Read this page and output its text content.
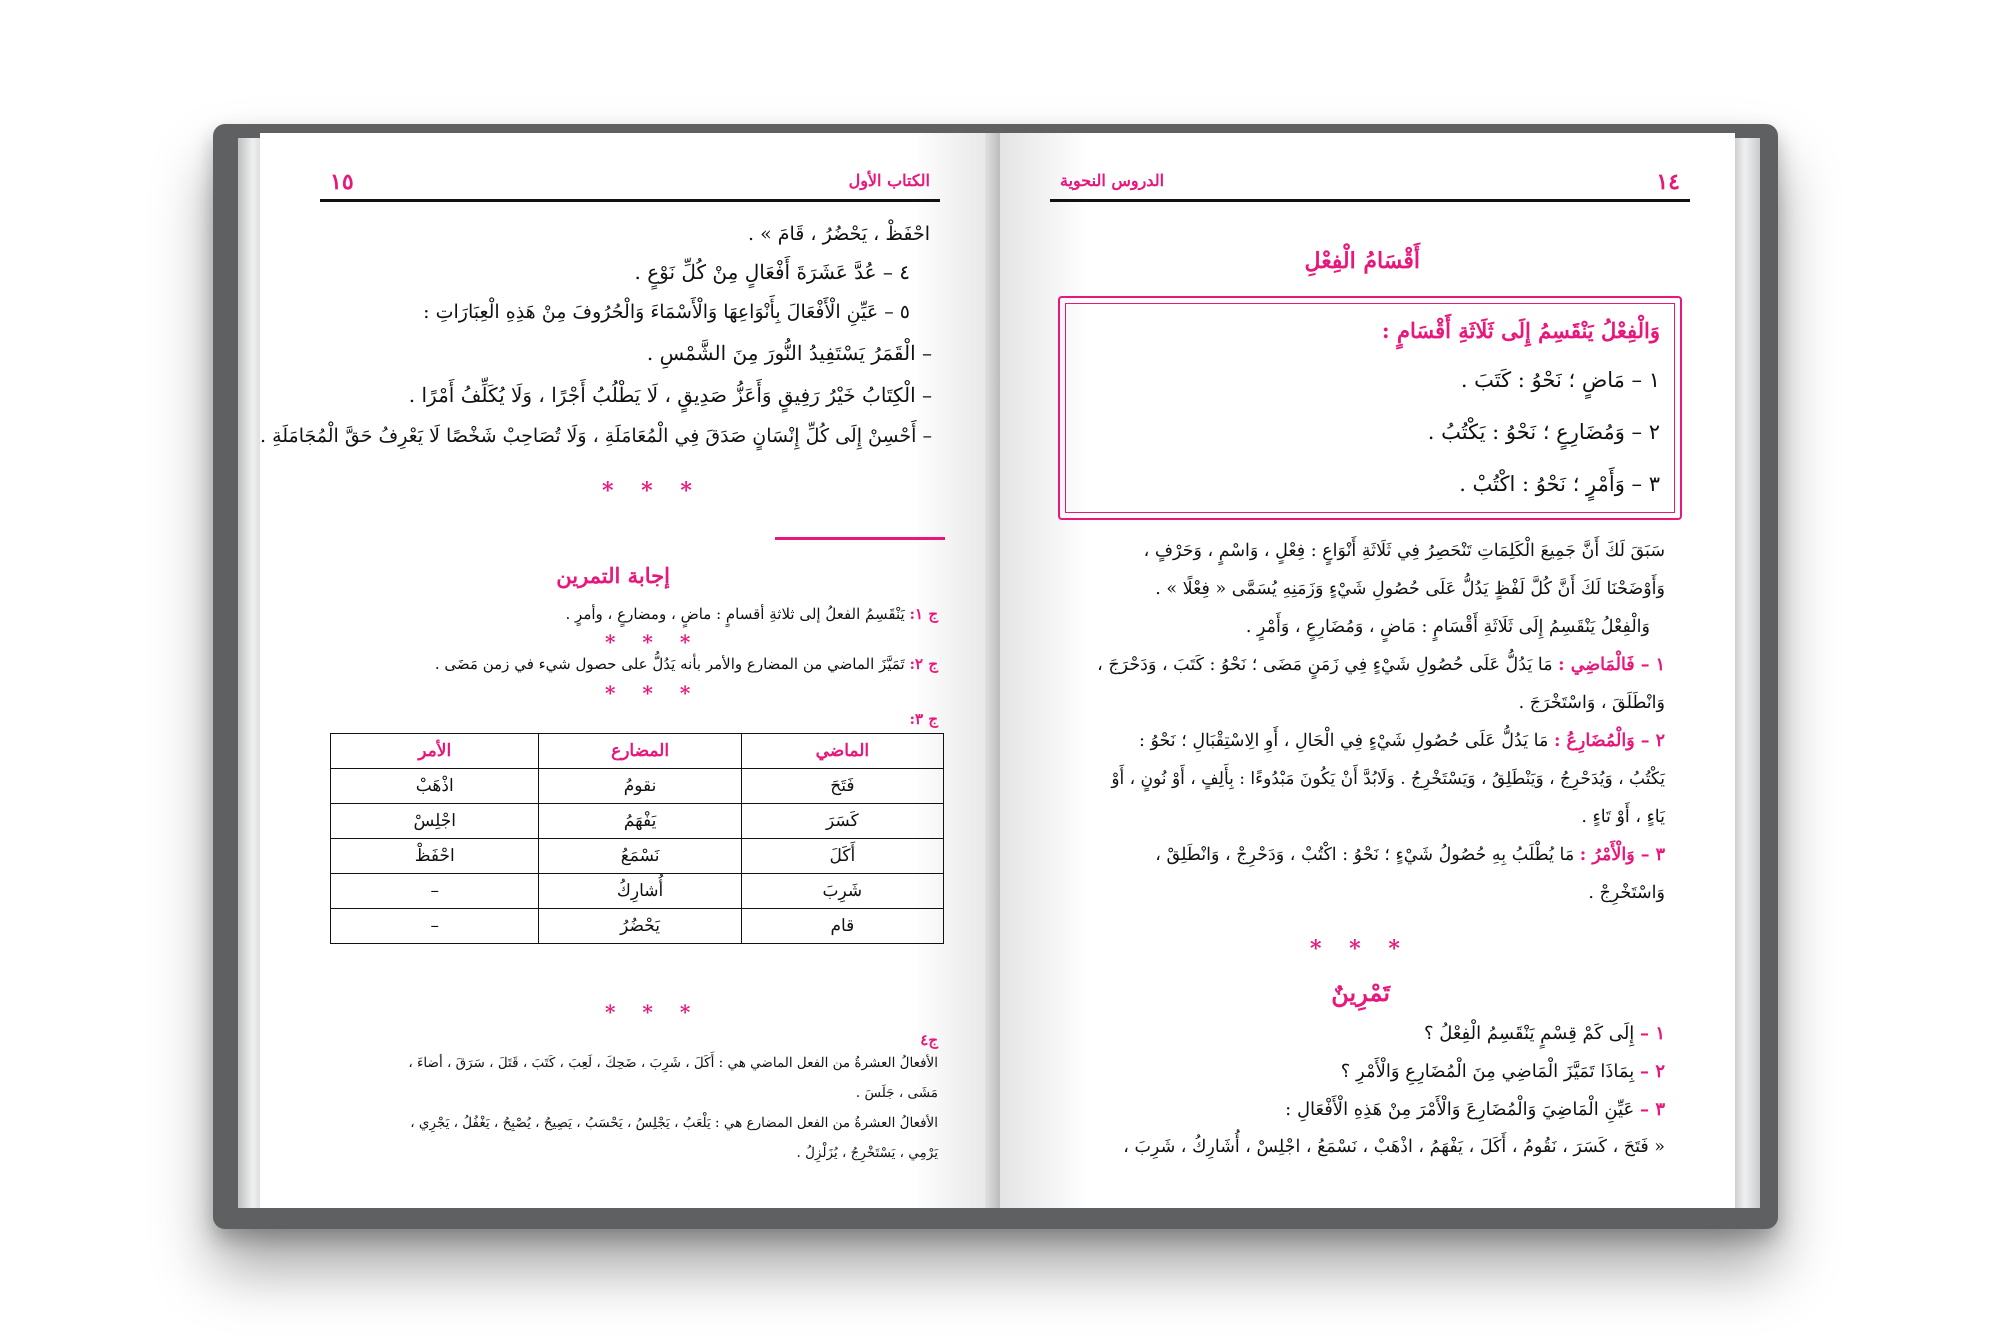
١٥	الكتاب الأول
احْفَظْ ، يَحْضُرُ ، قَامَ » .
٤ – عُدَّ عَشَرَةَ أَفْعَالٍ مِنْ كُلِّ نَوْعٍ .
٥ – عَيِّنِ الْأَفْعَالَ بِأَنْوَاعِهَا وَالْأَسْمَاءَ وَالْحُرُوفَ مِنْ هَذِهِ الْعِبَارَاتِ :
– الْقَمَرُ يَسْتَفِيدُ النُّورَ مِنَ الشَّمْسِ .
– الْكِتَابُ خَيْرُ رَفِيقٍ وَأَعَزُّ صَدِيقٍ ، لَا يَطْلُبُ أَجْرًا ، وَلَا يُكَلِّفُ أَمْرًا .
– أَحْسِنْ إِلَى كُلِّ إِنْسَانٍ صَدَقَ فِي الْمُعَامَلَةِ ، وَلَا تُصَاحِبْ شَخْصًا لَا يَعْرِفُ حَقَّ الْمُجَامَلَةِ .
* * *
إجابة التمرين
ج ١: يَنْقَسِمُ الفعلُ إلى ثلاثةِ أقسامٍ : ماضٍ ، ومضارعٍ ، وأمرٍ .
* * *
ج ٢: تَمَيَّزَ الماضي من المضارع والأمر بأنه يَدُلُّ على حصول شيء في زمن مَضَى .
* * *
ج ٣:
الماضي	المضارع	الأمر
فَتَحَ	نقومُ	اذْهَبْ
كَسَرَ	يَفْهَمُ	اجْلِسْ
أَكَلَ	نَسْمَعُ	احْفَظْ
شَرِبَ	أُشارِكُ	–
قام	يَحْضُرُ	–
* * *
ج٤
الأفعالُ العشرةُ من الفعل الماضي هي : أَكَلَ ، شَرِبَ ، ضَحِكَ ، لَعِبَ ، كَتَبَ ، قَتَلَ ، سَرَقَ ، أضاءَ ،
مَشَى ، جَلَسَ .
الأفعالُ العشرةُ من الفعل المضارع هي : يَلْعَبُ ، يَجْلِسُ ، يَحْسَبُ ، يَصِيحُ ، يُصْبِحُ ، يَغْفُلُ ، يَجْرِي ،
يَرْمِي ، يَسْتَخْرِجُ ، يُزَلْزِلُ .
١٤
الدروس النحوية
أَقْسَامُ الْفِعْلِ
وَالْفِعْلُ يَنْقَسِمُ إِلَى ثَلَاثَةِ أَقْسَامٍ :
١ – مَاضٍ ؛ نَحْوُ : كَتَبَ .
٢ – وَمُضَارِعٍ ؛ نَحْوُ : يَكْتُبُ .
٣ – وَأَمْرٍ ؛ نَحْوُ : اكْتُبْ .
سَبَقَ لَكَ أَنَّ جَمِيعَ الْكَلِمَاتِ تَنْحَصِرُ فِي ثَلَاثَةِ أَنْوَاعٍ : فِعْلٍ ، وَاسْمٍ ، وَحَرْفٍ ،
وَأَوْضَحْنَا لَكَ أَنَّ كُلَّ لَفْظٍ يَدُلُّ عَلَى حُصُولِ شَيْءٍ وَزَمَنِهِ يُسَمَّى « فِعْلًا » .
وَالْفِعْلُ يَنْقَسِمُ إِلَى ثَلَاثَةِ أَقْسَامٍ : مَاضٍ ، وَمُضَارِعٍ ، وَأَمْرٍ .
١ – فَالْمَاضِي : مَا يَدُلُّ عَلَى حُصُولِ شَيْءٍ فِي زَمَنٍ مَضَى ؛ نَحْوُ : كَتَبَ ، وَدَحْرَجَ ،
وَانْطَلَقَ ، وَاسْتَخْرَجَ .
٢ – وَالْمُضَارِعُ : مَا يَدُلُّ عَلَى حُصُولِ شَيْءٍ فِي الْحَالِ ، أَوِ الِاسْتِقْبَالِ ؛ نَحْوُ :
يَكْتُبُ ، وَيُدَحْرِجُ ، وَيَنْطَلِقُ ، وَيَسْتَخْرِجُ . وَلَابُدَّ أَنْ يَكُونَ مَبْدُوءًا : بِأَلِفٍ ، أَوْ نُونٍ ، أَوْ
يَاءٍ ، أَوْ تَاءٍ .
٣ – وَالْأَمْرُ : مَا يُطْلَبُ بِهِ حُصُولُ شَيْءٍ ؛ نَحْوُ : اكْتُبْ ، وَدَحْرِجْ ، وَانْطَلِقْ ،
وَاسْتَخْرِجْ .
* * *
تَمْرِينٌ
١ – إِلَى كَمْ قِسْمٍ يَنْقَسِمُ الْفِعْلُ ؟
٢ – بِمَاذَا تَمَيَّزَ الْمَاضِي مِنَ الْمُضَارِعِ وَالْأَمْرِ ؟
٣ – عَيِّنِ الْمَاضِيَ وَالْمُضَارِعَ وَالْأَمْرَ مِنْ هَذِهِ الْأَفْعَالِ :
« فَتَحَ ، كَسَرَ ، نَقُومُ ، أَكَلَ ، يَفْهَمُ ، اذْهَبْ ، نَسْمَعُ ، اجْلِسْ ، أُشَارِكُ ، شَرِبَ ،
